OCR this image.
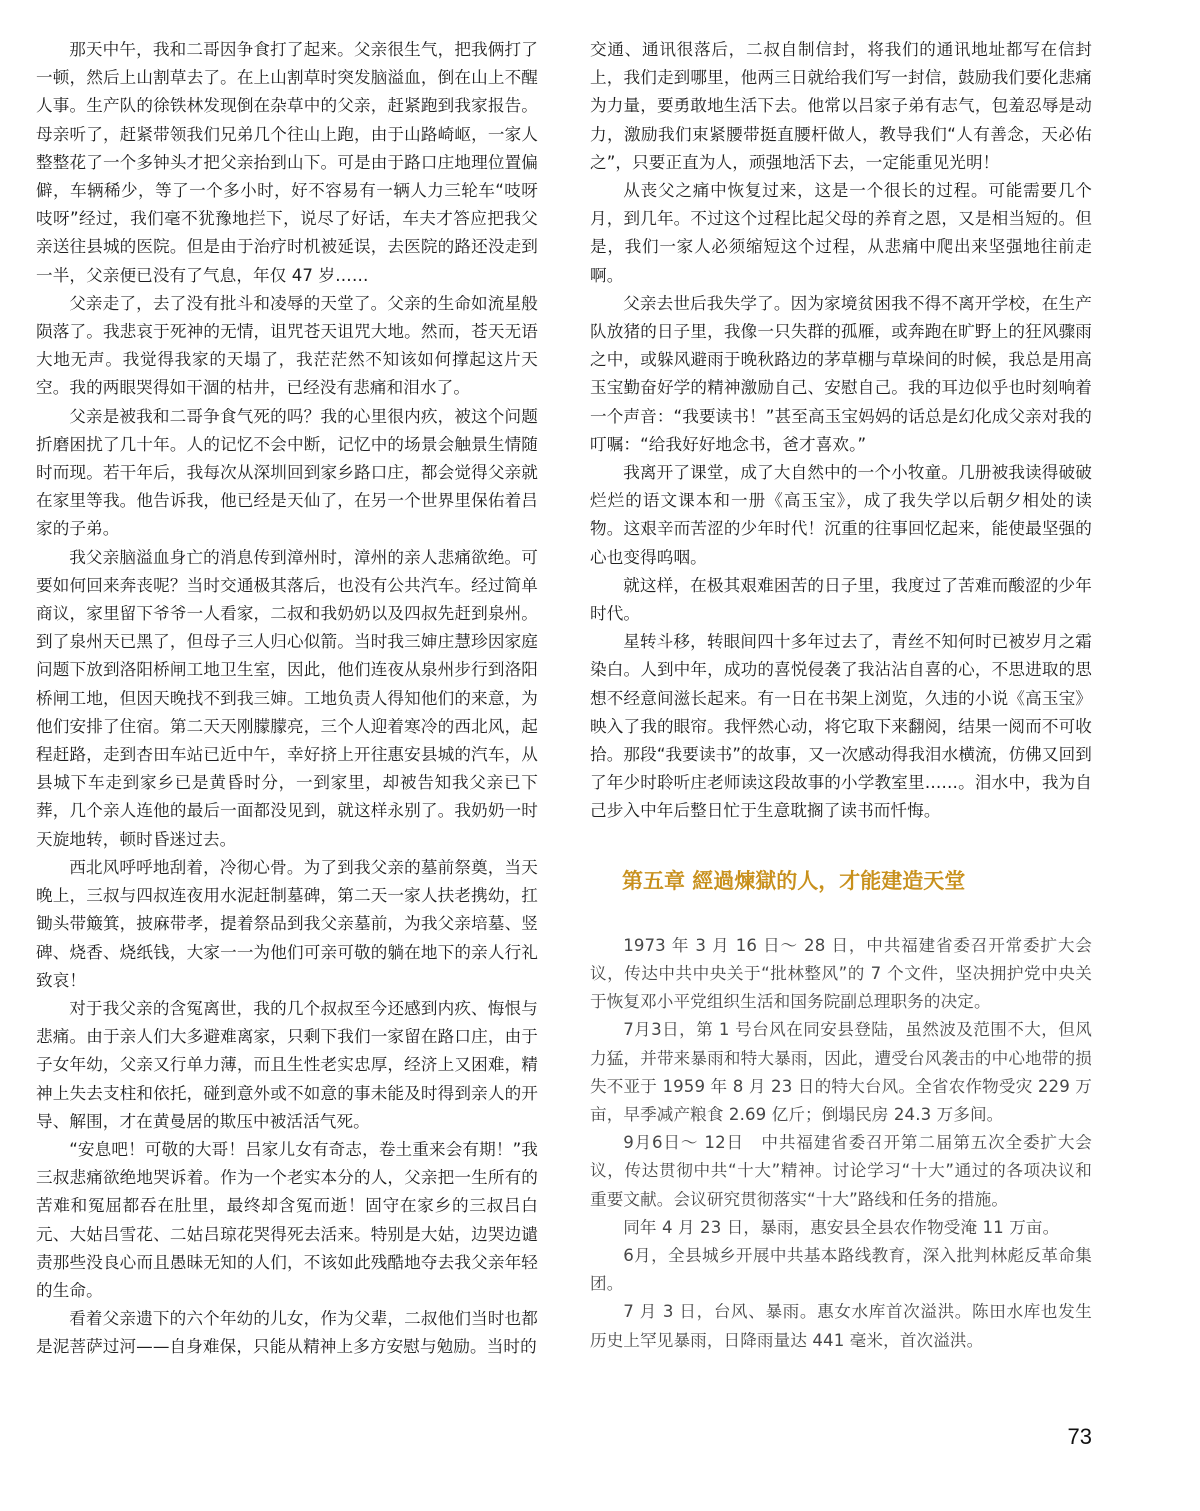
那天中午，我和二哥因争食打了起来。父亲很生气，把我俩打了一顿，然后上山割草去了。在上山割草时突发脑溢血，倒在山上不醒人事。生产队的徐铁林发现倒在杂草中的父亲，赶紧跑到我家报告。母亲听了，赶紧带领我们兄弟几个往山上跑，由于山路崎岖，一家人整整花了一个多钟头才把父亲抬到山下。可是由于路口庄地理位置偏僻，车辆稀少，等了一个多小时，好不容易有一辆人力三轮车“吱呀吱呀”经过，我们毫不犹豫地拦下，说尽了好话，车夫才答应把我父亲送往县城的医院。但是由于治疗时机被延误，去医院的路还没走到一半，父亲便已没有了气息，年仅 47 岁……

父亲走了，去了没有批斗和凌辱的天堂了。父亲的生命如流星般陨落了。我悲哀于死神的无情，诅咒苍天诅咒大地。然而，苍天无语大地无声。我觉得我家的天塌了，我茫茫然不知该如何撑起这片天空。我的两眼哭得如干涸的枯井，已经没有悲痛和泪水了。

父亲是被我和二哥争食气死的吗？我的心里很内疚，被这个问题折磨困扰了几十年。人的记忆不会中断，记忆中的场景会触景生情随时而现。若干年后，我每次从深圳回到家乡路口庄，都会觉得父亲就在家里等我。他告诉我，他已经是天仙了，在另一个世界里保佑着吕家的子弟。

我父亲脑溢血身亡的消息传到漳州时，漳州的亲人悲痛欲绝。可要如何回来奔丧呢？当时交通极其落后，也没有公共汽车。经过简单商议，家里留下爷爷一人看家，二叔和我奶奶以及四叔先赶到泉州。到了泉州天已黑了，但母子三人归心似箭。当时我三婶庄慧珍因家庭问题下放到洛阳桥闸工地卫生室，因此，他们连夜从泉州步行到洛阳桥闸工地，但因天晚找不到我三婶。工地负责人得知他们的来意，为他们安排了住宿。第二天天刚朦朦亮，三个人迎着寒冷的西北风，起程赶路，走到杏田车站已近中午，幸好挤上开往惠安县城的汽车，从县城下车走到家乡已是黄昏时分，一到家里，却被告知我父亲已下葬，几个亲人连他的最后一面都没见到，就这样永别了。我奶奶一时天旋地转，顿时昏迷过去。

西北风呼呼地刮着，冷彻心骨。为了到我父亲的墓前祭奠，当天晚上，三叔与四叔连夜用水泥赶制墓碑，第二天一家人扶老携幼，扛锄头带簸箕，披麻带孝，提着祭品到我父亲墓前，为我父亲培墓、竖碑、烧香、烧纸钱，大家一一为他们可亲可敬的躺在地下的亲人行礼致哀！

对于我父亲的含冤离世，我的几个叔叔至今还感到内疚、悔恨与悲痛。由于亲人们大多避难离家，只剩下我们一家留在路口庄，由于子女年幼，父亲又行单力薄，而且生性老实忠厚，经济上又困难，精神上失去支柱和依托，碰到意外或不如意的事未能及时得到亲人的开导、解围，才在黄曼居的欺压中被活活气死。

“安息吧！可敬的大哥！吕家儿女有奇志，卷土重来会有期！”我三叔悲痛欲绝地哭诉着。作为一个老实本分的人，父亲把一生所有的苦难和冤屈都吞在肚里，最终却含冤而逝！固守在家乡的三叔吕白元、大姑吕雪花、二姑吕琼花哭得死去活来。特别是大姑，边哭边谴责那些没良心而且愚昧无知的人们，不该如此残酷地夺去我父亲年轻的生命。

看着父亲遗下的六个年幼的儿女，作为父辈，二叔他们当时也都是泥菩萨过河——自身难保，只能从精神上多方安慰与勉励。当时的

交通、通讯很落后，二叔自制信封，将我们的通讯地址都写在信封上，我们走到哪里，他两三日就给我们写一封信，鼓励我们要化悲痛为力量，要勇敢地生活下去。他常以吕家子弟有志气，包羞忍辱是动力，激励我们束紧腰带挺直腰杆做人，教导我们“人有善念，天必佑之”，只要正直为人，顽强地活下去，一定能重见光明！

从丧父之痛中恢复过来，这是一个很长的过程。可能需要几个月，到几年。不过这个过程比起父母的养育之恩，又是相当短的。但是，我们一家人必须缩短这个过程，从悲痛中爬出来坚强地往前走啊。

父亲去世后我失学了。因为家境贫困我不得不离开学校，在生产队放猪的日子里，我像一只失群的孤雁，或奔跑在旷野上的狂风骤雨之中，或躲风避雨于晚秋路边的茅草棚与草垛间的时候，我总是用高玉宝勤奋好学的精神激励自己、安慰自己。我的耳边似乎也时刻响着一个声音：“我要读书！”甚至高玉宝妈妈的话总是幻化成父亲对我的叮嘱：“给我好好地念书，爸才喜欢。”

我离开了课堂，成了大自然中的一个小牧童。几册被我读得破破烂烂的语文课本和一册《高玉宝》，成了我失学以后朝夕相处的读物。这艰辛而苦涩的少年时代！沉重的往事回忆起来，能使最坚强的心也变得呜咽。

就这样，在极其艰难困苦的日子里，我度过了苦难而酸涩的少年时代。

星转斗移，转眼间四十多年过去了，青丝不知何时已被岁月之霜染白。人到中年，成功的喜悦侵袭了我沾沾自喜的心，不思进取的思想不经意间滋长起来。有一日在书架上浏览，久违的小说《高玉宝》映入了我的眼帘。我怦然心动，将它取下来翻阅，结果一阅而不可收拾。那段“我要读书”的故事，又一次感动得我泪水横流，仿佛又回到了年少时聆听庄老师读这段故事的小学教室里……。泪水中，我为自己步入中年后整日忙于生意耽搁了读书而忏悔。

第五章 經過煉獄的人，才能建造天堂

1973 年 3 月 16 日～ 28 日，中共福建省委召开常委扩大会议，传达中共中央关于“批林整风”的 7 个文件，坚决拥护党中央关于恢复邓小平党组织生活和国务院副总理职务的决定。

7月3日，第 1 号台风在同安县登陆，虽然波及范围不大，但风力猛，并带来暴雨和特大暴雨，因此，遭受台风袭击的中心地带的损失不亚于 1959 年 8 月 23 日的特大台风。全省农作物受灾 229 万亩，早季减产粮食 2.69 亿斤；倒塌民房 24.3 万多间。

9月6日～ 12日　中共福建省委召开第二届第五次全委扩大会议，传达贯彻中共“十大”精神。讨论学习“十大”通过的各项决议和重要文献。会议研究贯彻落实“十大”路线和任务的措施。

同年 4 月 23 日，暴雨，惠安县全县农作物受淹 11 万亩。

6月，全县城乡开展中共基本路线教育，深入批判林彪反革命集团。

7 月 3 日，台风、暴雨。惠女水库首次溢洪。陈田水库也发生历史上罕见暴雨，日降雨量达 441 毫米，首次溢洪。

73
